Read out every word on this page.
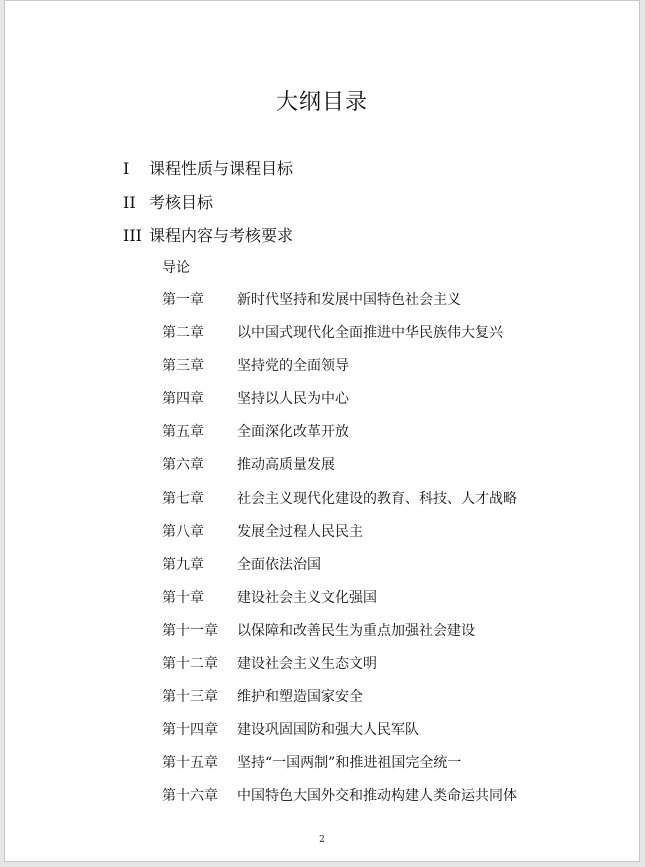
大纲目录
I 课程性质与课程目标
II 考核目标
III 课程内容与考核要求
导论
第一章 新时代坚持和发展中国特色社会主义
第二章 以中国式现代化全面推进中华民族伟大复兴
第三章 坚持党的全面领导
第四章 坚持以人民为中心
第五章 全面深化改革开放
第六章 推动高质量发展
第七章 社会主义现代化建设的教育、科技、人才战略
第八章 发展全过程人民民主
第九章 全面依法治国
第十章 建设社会主义文化强国
第十一章 以保障和改善民生为重点加强社会建设
第十二章 建设社会主义生态文明
第十三章 维护和塑造国家安全
第十四章 建设巩固国防和强大人民军队
第十五章 坚持“一国两制”和推进祖国完全统一
第十六章 中国特色大国外交和推动构建人类命运共同体
2
